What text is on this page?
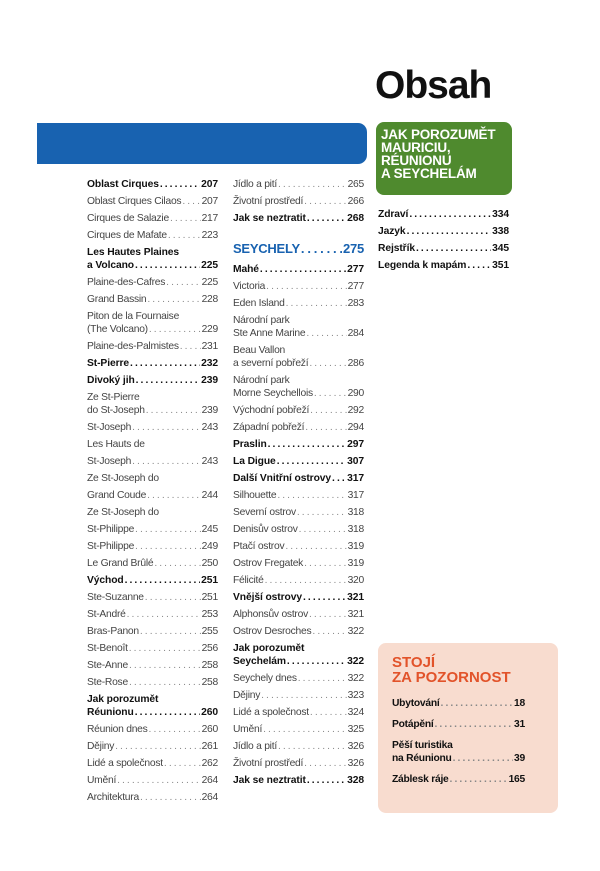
Obsah
JAK POROZUMĚT
MAURICIU,
RÉUNIONU
A SEYCHELÁM
Oblast Cirques . . .	207
Oblast Cirques Cilaos . . . 207
Cirques de Salazie . . .	217
Cirques de Mafate . . .	223
Les Hautes Plaines
a Volcano . . .	225
Plaine-des-Cafres . . .	225
Grand Bassin . . .	228
Piton de la Fournaise
(The Volcano) . . .	229
Plaine-des-Palmistes . . . 231
St-Pierre . . .	232
Divoký jih . . .	239
Ze St-Pierre
do St-Joseph . . .	239
St-Joseph . . .	243
Les Hauts de
St-Joseph . . .	243
Ze St-Joseph do
Grand Coude . . .	244
Ze St-Joseph do
St-Philippe . . .	245
St-Philippe . . .	249
Le Grand Brûlé . . .	250
Východ . . .	251
Ste-Suzanne . . .	251
St-André . . .	253
Bras-Panon . . .	255
St-Benoît . . .	256
Ste-Anne . . .	258
Ste-Rose . . .	258
Jak porozumět
Réunionu . . .	260
Réunion dnes . . .	260
Dějiny . . .	261
Lidé a společnost . . .	262
Umění . . .	264
Architektura . . .	264
Jídlo a pití . . .	265
Životní prostředí . . .	266
Jak se neztratit . . .	268
SEYCHELY . . .	275
Mahé . . .	277
Victoria . . .	277
Eden Island . . .	283
Národní park
Ste Anne Marine . . .	284
Beau Vallon
a severní pobřeží . . .	286
Národní park
Morne Seychellois . . .	290
Východní pobřeží . . .	292
Západní pobřeží . . .	294
Praslin . . .	297
La Digue . . .	307
Další Vnitřní ostrovy . . . 317
Silhouette . . .	317
Severní ostrov . . .	318
Denisův ostrov . . .	318
Ptačí ostrov . . .	319
Ostrov Fregatek . . .	319
Félicité . . .	320
Vnější ostrovy . . .	321
Alphonsův ostrov . . .	321
Ostrov Desroches . . .	322
Jak porozumět
Seychelám . . .	322
Seychely dnes . . .	322
Dějiny . . .	323
Lidé a společnost . . .	324
Umění . . .	325
Jídlo a pití . . .	326
Životní prostředí . . .	326
Jak se neztratit . . .	328
Zdraví . . .	334
Jazyk . . .	338
Rejstřík . . .	345
Legenda k mapám . . .	351
STOJÍ
ZA POZORNOST
Ubytování . . .	18
Potápění . . .	31
Pěší turistika
na Réunionu . . .	39
Záblesk ráje . . .	165
